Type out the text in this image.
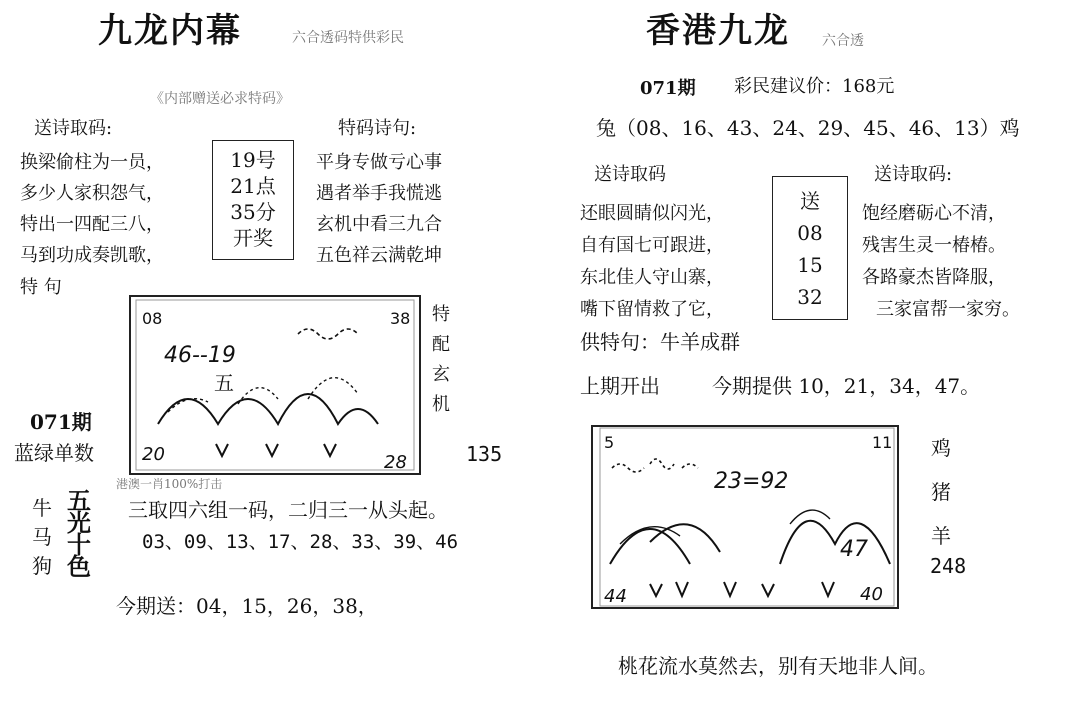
九龙内幕	六合透码特供彩民
《内部赠送必求特码》
送诗取码:	特码诗句:
换梁偷柱为一员，
多少人家积怨气，
特出一四配三八，
马到功成奏凯歌，
19号
21点
35分
开奖
平身专做亏心事
遇者举手我慌逃
玄机中看三九合
五色祥云满乾坤
特 句
08	38
46--19
五
20	28
特配玄机
135
071期
蓝绿单数
港澳一肖100%打击
牛马狗
五光十色
三取四六组一码，二归三一从头起。
03、09、13、17、28、33、39、46
今期送：04，15，26，38，
香港九龙 六合透
071期 彩民建议价：168元
兔（08、16、43、24、29、45、46、13）鸡
送诗取码	送诗取码:
还眼圆睛似闪光，
自有国七可跟进，
东北佳人守山寨，
嘴下留情救了它，
送
08
15
32
饱经磨砺心不清，
残害生灵一椿椿。
各路豪杰皆降服，
三家富帮一家穷。
供特句：牛羊成群
上期开出	今期提供 10，21，34，47。
5	11
23=92
47
44	40
鸡猪羊
248
桃花流水莫然去，别有天地非人间。
